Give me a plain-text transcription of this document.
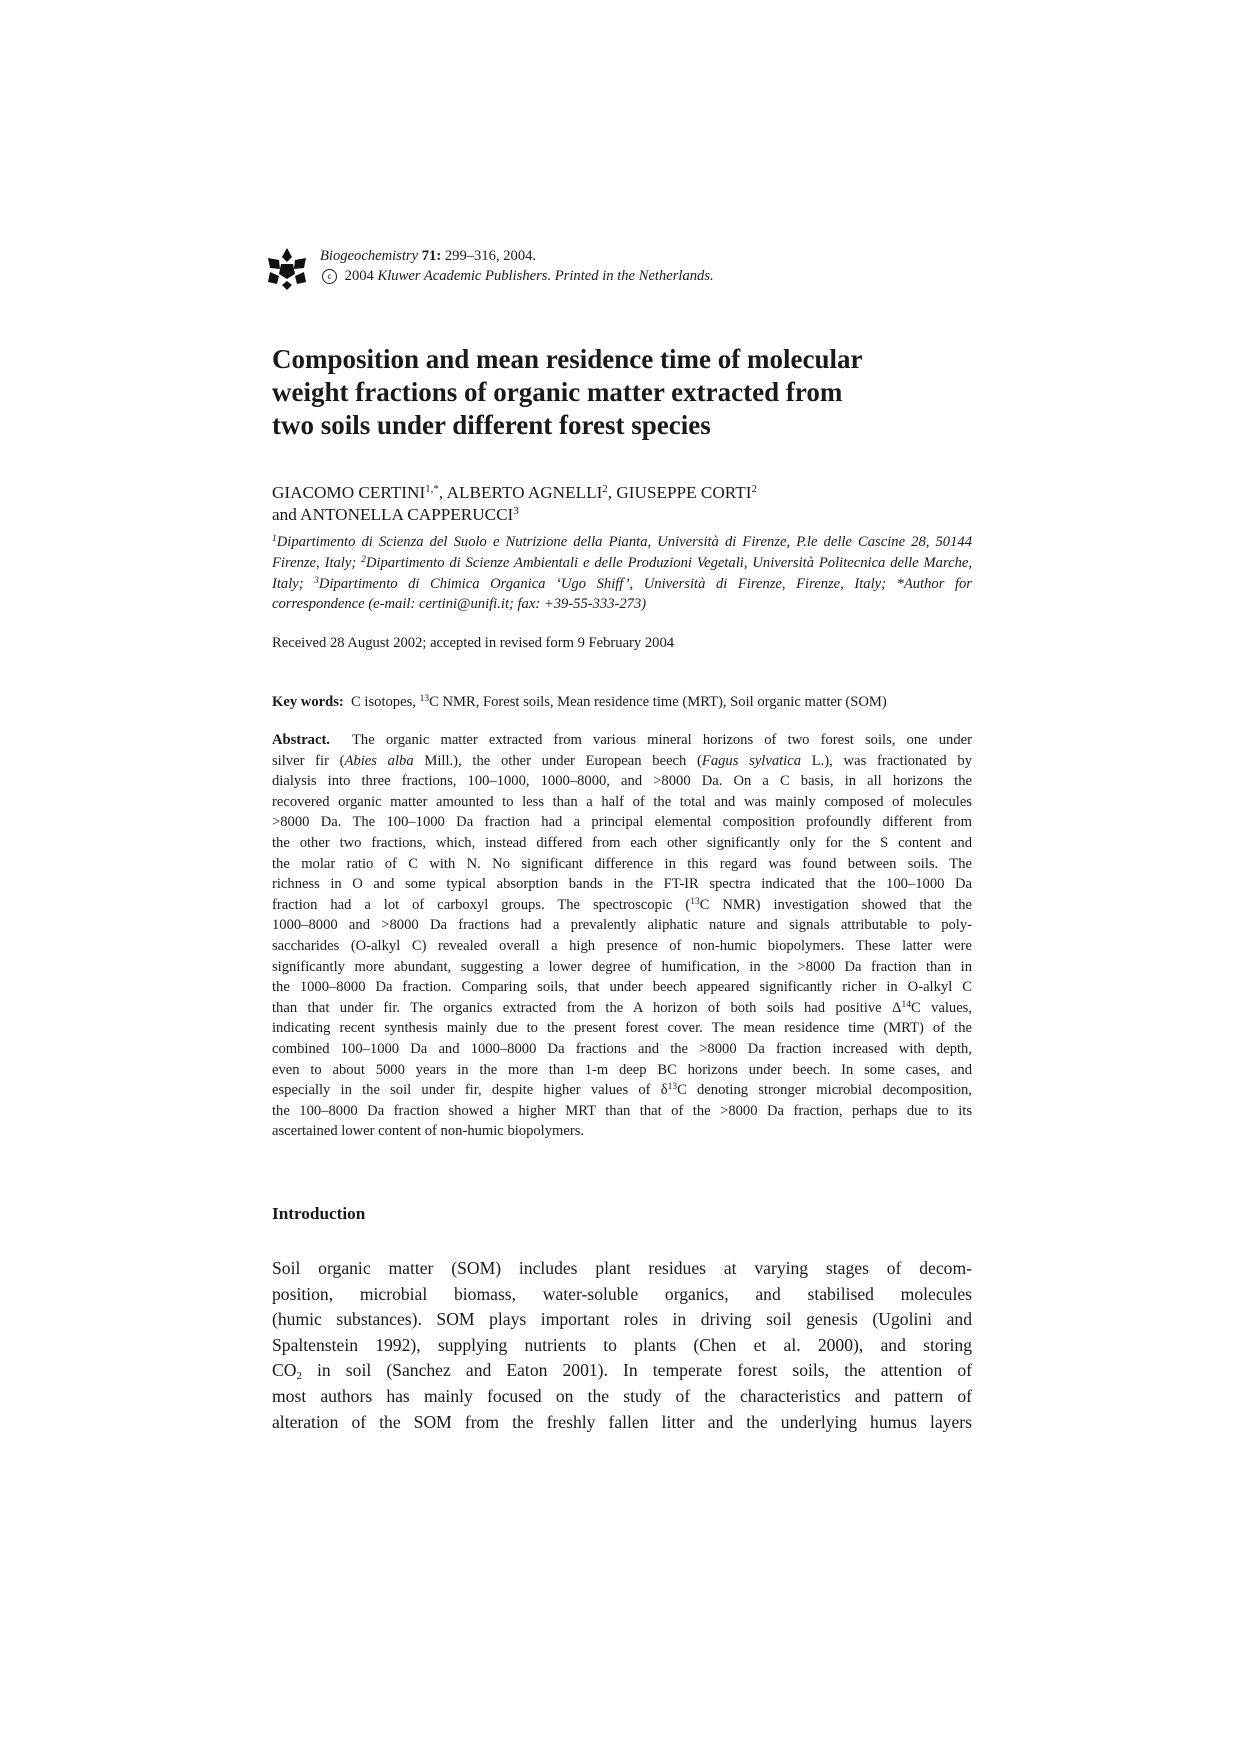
Biogeochemistry 71: 299–316, 2004.
c 2004 Kluwer Academic Publishers. Printed in the Netherlands.
Composition and mean residence time of molecular
weight fractions of organic matter extracted from
two soils under different forest species
GIACOMO $CERTINI^{1,*}$, ALBERTO AGNELLI$^2$, GIUSEPPE CORTI$^2$
and ANTONELLA CAPPERUCCI$^3$
$^1$Dipartimento di Scienza del Suolo e Nutrizione della Pianta, Università di Firenze, P.le delle Cascine 28, 50144 Firenze, Italy; $^2$Dipartimento di Scienze Ambientali e delle Produzioni Vegetali, Università Politecnica delle Marche, Italy; $^3$Dipartimento di Chimica Organica ‘Ugo Shiff’, Università di Firenze, Firenze, Italy; *Author for correspondence (e-mail: certini@unifi.it; fax: +39-55-333-273)
Received 28 August 2002; accepted in revised form 9 February 2004
Key words: C isotopes, $^{13}$C NMR, Forest soils, Mean residence time (MRT), Soil organic matter (SOM)
Abstract. The organic matter extracted from various mineral horizons of two forest soils, one under
silver fir (Abies alba Mill.), the other under European beech (Fagus sylvatica L.), was fractionated by
dialysis into three fractions, 100–1000, 1000–8000, and >8000 Da. On a C basis, in all horizons the
recovered organic matter amounted to less than a half of the total and was mainly composed of molecules
>8000 Da. The 100–1000 Da fraction had a principal elemental composition profoundly different from
the other two fractions, which, instead differed from each other significantly only for the S content and
the molar ratio of C with N. No significant difference in this regard was found between soils. The
richness in O and some typical absorption bands in the FT-IR spectra indicated that the 100–1000 Da
fraction had a lot of carboxyl groups. The spectroscopic ($^{13}$C NMR) investigation showed that the
1000–8000 and >8000 Da fractions had a prevalently aliphatic nature and signals attributable to poly-
saccharides (O-alkyl C) revealed overall a high presence of non-humic biopolymers. These latter were
significantly more abundant, suggesting a lower degree of humification, in the >8000 Da fraction than in
the 1000–8000 Da fraction. Comparing soils, that under beech appeared significantly richer in O-alkyl C
than that under fir. The organics extracted from the A horizon of both soils had positive $\Delta^{14}C$ values,
indicating recent synthesis mainly due to the present forest cover. The mean residence time (MRT) of the
combined 100–1000 Da and 1000–8000 Da fractions and the >8000 Da fraction increased with depth,
even to about 5000 years in the more than 1-m deep BC horizons under beech. In some cases, and
especially in the soil under fir, despite higher values of $\delta^{13}C$ denoting stronger microbial decomposition,
the 100–8000 Da fraction showed a higher MRT than that of the >8000 Da fraction, perhaps due to its
ascertained lower content of non-humic biopolymers.
Introduction
Soil organic matter (SOM) includes plant residues at varying stages of decom-
position, microbial biomass, water-soluble organics, and stabilised molecules
(humic substances). SOM plays important roles in driving soil genesis (Ugolini and
Spaltenstein 1992), supplying nutrients to plants (Chen et al. 2000), and storing
$CO_2$ in soil (Sanchez and Eaton 2001). In temperate forest soils, the attention of
most authors has mainly focused on the study of the characteristics and pattern of
alteration of the SOM from the freshly fallen litter and the underlying humus layers
